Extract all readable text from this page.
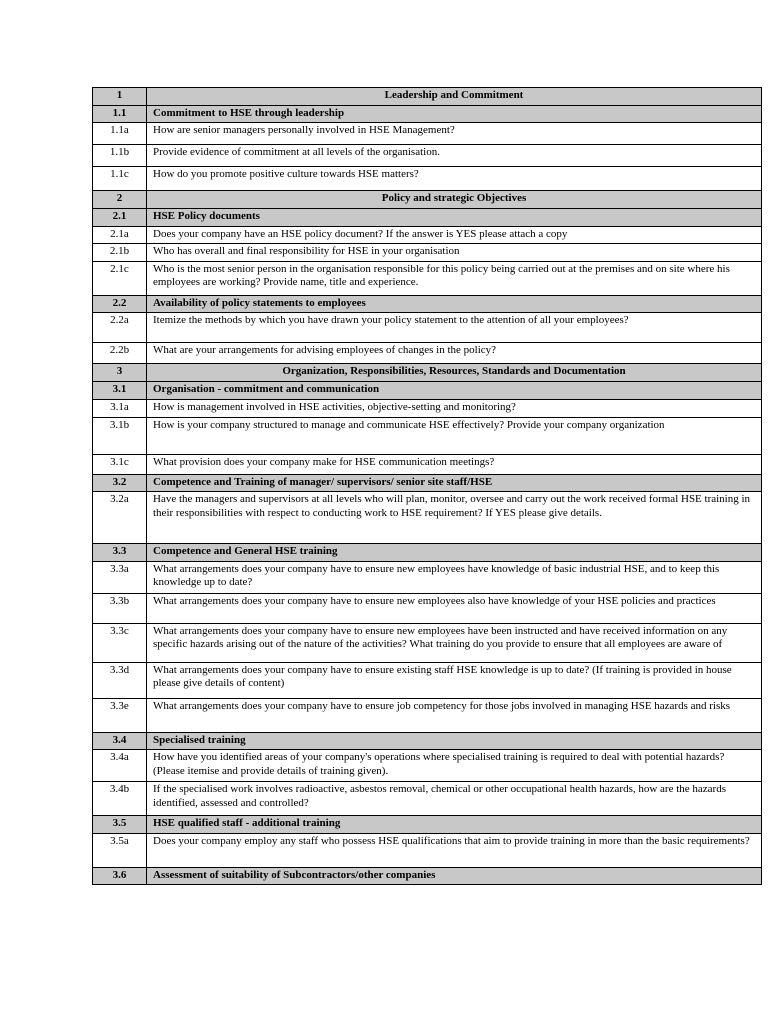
1	Leadership and Commitment
1.1	Commitment to HSE through leadership
1.1a	How are senior managers personally involved in HSE Management?
1.1b	Provide evidence of commitment at all levels of the organisation.
1.1c	How do you promote positive culture towards HSE matters?
2	Policy and strategic Objectives
2.1	HSE Policy documents
2.1a	Does your company have an HSE policy document? If the answer is YES please attach a copy
2.1b	Who has overall and final responsibility for HSE in your organisation
2.1c	Who is the most senior person in the organisation responsible for this policy being carried out at the premises and on site where his employees are working? Provide name, title and experience.
2.2	Availability of policy statements to employees
2.2a	Itemize the methods by which you have drawn your policy statement to the attention of all your employees?
2.2b	What are your arrangements for advising employees of changes in the policy?
3	Organization, Responsibilities, Resources, Standards and Documentation
3.1	Organisation - commitment and communication
3.1a	How is management involved in HSE activities, objective-setting and monitoring?
3.1b	How is your company structured to manage and communicate HSE effectively? Provide your company organization
3.1c	What provision does your company make for HSE communication meetings?
3.2	Competence and Training of manager/ supervisors/ senior site staff/HSE
3.2a	Have the managers and supervisors at all levels who will plan, monitor, oversee and carry out the work received formal HSE training in their responsibilities with respect to conducting work to HSE requirement? If YES please give details.
3.3	Competence and General HSE training
3.3a	What arrangements does your company have to ensure new employees have knowledge of basic industrial HSE, and to keep this knowledge up to date?
3.3b	What arrangements does your company have to ensure new employees also have knowledge of your HSE policies and practices
3.3c	What arrangements does your company have to ensure new employees have been instructed and have received information on any specific hazards arising out of the nature of the activities? What training do you provide to ensure that all employees are aware of
3.3d	What arrangements does your company have to ensure existing staff HSE knowledge is up to date? (If training is provided in house please give details of content)
3.3e	What arrangements does your company have to ensure job competency for those jobs involved in managing HSE hazards and risks
3.4	Specialised training
3.4a	How have you identified areas of your company's operations where specialised training is required to deal with potential hazards? (Please itemise and provide details of training given).
3.4b	If the specialised work involves radioactive, asbestos removal, chemical or other occupational health hazards, how are the hazards identified, assessed and controlled?
3.5	HSE qualified staff - additional training
3.5a	Does your company employ any staff who possess HSE qualifications that aim to provide training in more than the basic requirements?
3.6	Assessment of suitability of Subcontractors/other companies
